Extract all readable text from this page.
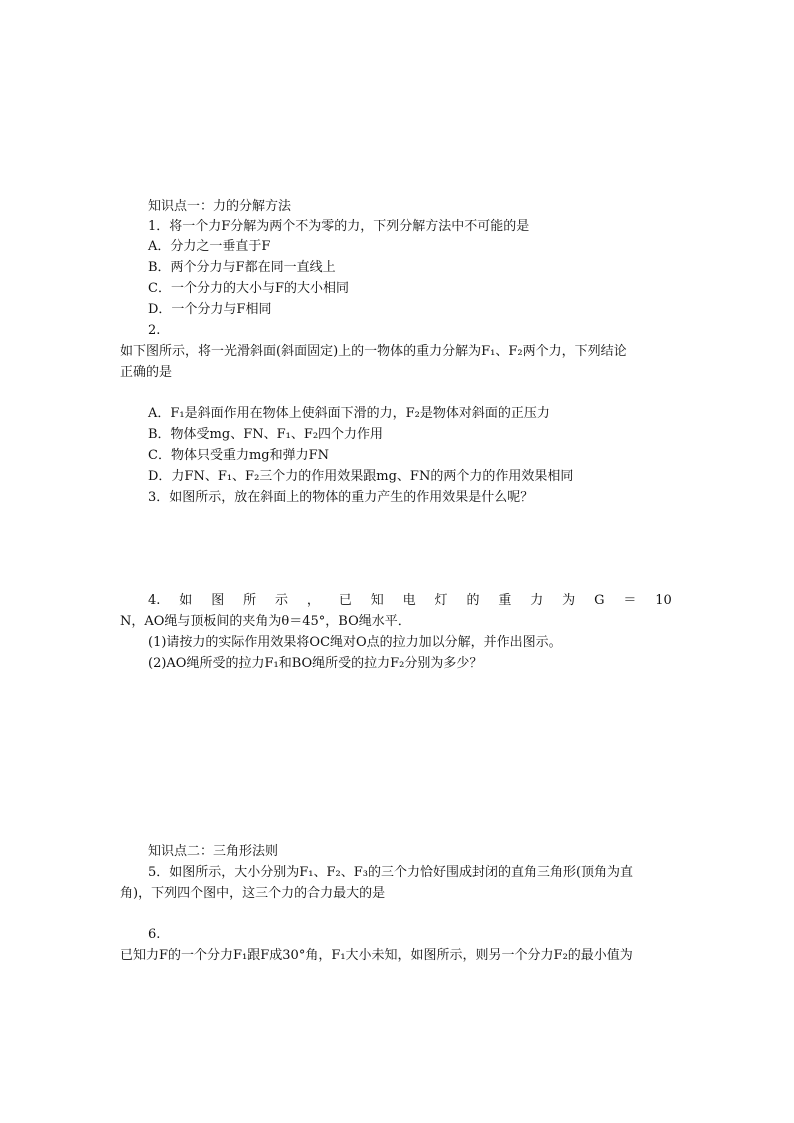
知识点一：力的分解方法
1．将一个力F分解为两个不为零的力，下列分解方法中不可能的是
A．分力之一垂直于F
B．两个分力与F都在同一直线上
C．一个分力的大小与F的大小相同
D．一个分力与F相同
2.
如下图所示，将一光滑斜面(斜面固定)上的一物体的重力分解为F₁、F₂两个力，下列结论
正确的是
A．F₁是斜面作用在物体上使斜面下滑的力，F₂是物体对斜面的正压力
B．物体受mg、FN、F₁、F₂四个力作用
C．物体只受重力mg和弹力FN
D．力FN、F₁、F₂三个力的作用效果跟mg、FN的两个力的作用效果相同
3．如图所示，放在斜面上的物体的重力产生的作用效果是什么呢？
4. 如 图 所 示 ， 已 知 电 灯 的 重 力 为 G ＝ 10
N，AO绳与顶板间的夹角为θ＝45°，BO绳水平．
(1)请按力的实际作用效果将OC绳对O点的拉力加以分解，并作出图示。
(2)AO绳所受的拉力F₁和BO绳所受的拉力F₂分别为多少？
知识点二：三角形法则
5．如图所示，大小分别为F₁、F₂、F₃的三个力恰好围成封闭的直角三角形(顶角为直
角)，下列四个图中，这三个力的合力最大的是
6.
已知力F的一个分力F₁跟F成30°角，F₁大小未知，如图所示，则另一个分力F₂的最小值为
